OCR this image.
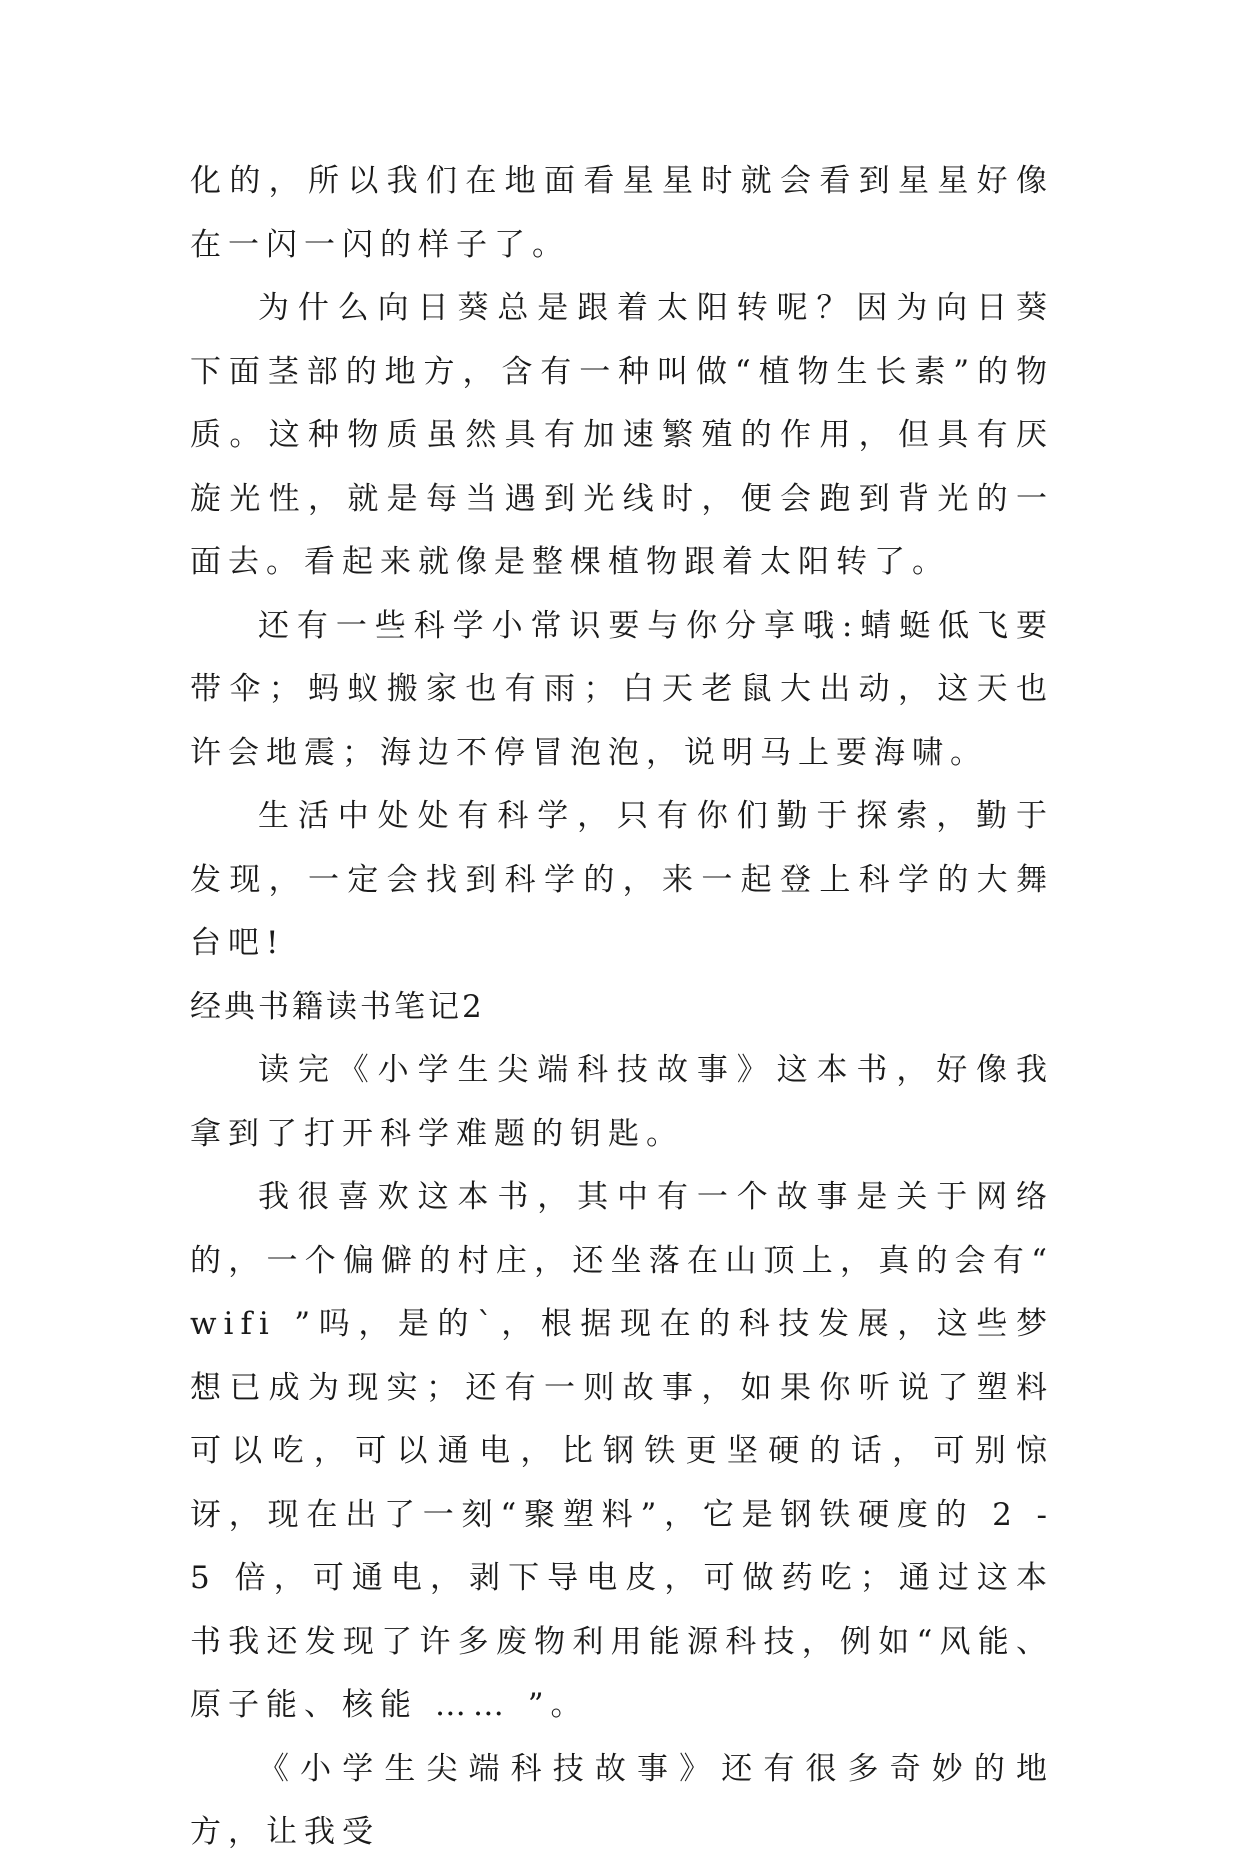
化的，所以我们在地面看星星时就会看到星星好像在一闪一闪的样子了。

为什么向日葵总是跟着太阳转呢？因为向日葵下面茎部的地方，含有一种叫做“植物生长素”的物质。这种物质虽然具有加速繁殖的作用，但具有厌旋光性，就是每当遇到光线时，便会跑到背光的一面去。看起来就像是整棵植物跟着太阳转了。

还有一些科学小常识要与你分享哦:蜻蜓低飞要带伞；蚂蚁搬家也有雨；白天老鼠大出动，这天也许会地震；海边不停冒泡泡，说明马上要海啸。

生活中处处有科学，只有你们勤于探索，勤于发现，一定会找到科学的，来一起登上科学的大舞台吧!

经典书籍读书笔记2

读完《小学生尖端科技故事》这本书，好像我拿到了打开科学难题的钥匙。

我很喜欢这本书，其中有一个故事是关于网络的，一个偏僻的村庄，还坐落在山顶上，真的会有“ wifi ”吗，是的`，根据现在的科技发展，这些梦想已成为现实；还有一则故事，如果你听说了塑料可以吃，可以通电，比钢铁更坚硬的话，可别惊讶，现在出了一刻“聚塑料”，它是钢铁硬度的 2 - 5 倍，可通电，剥下导电皮，可做药吃；通过这本书我还发现了许多废物利用能源科技，例如“风能、原子能、核能 …… ”。

《小学生尖端科技故事》还有很多奇妙的地方，让我受
